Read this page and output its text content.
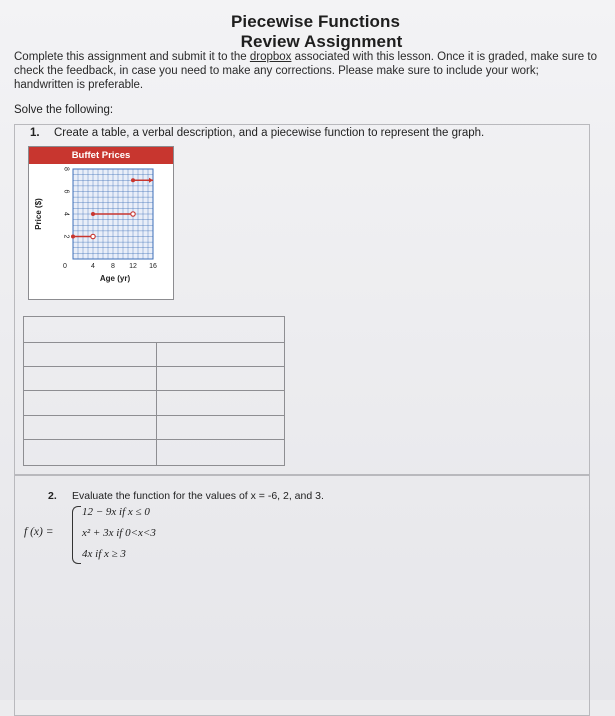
Piecewise Functions
Review Assignment
Complete this assignment and submit it to the dropbox associated with this lesson. Once it is graded, make sure to check the feedback, in case you need to make any corrections. Please make sure to include your work; handwritten is preferable.
Solve the following:
1. Create a table, a verbal description, and a piecewise function to represent the graph.
Buffet Prices
0	4 8 12 16
2
4
6
8
Age (yr)
Price ($)

2. Evaluate the function for the values of x = -6, 2, and 3.
f (x) =
12 − 9x if x ≤ 0
x² + 3x if 0<x<3
4x if x ≥ 3
